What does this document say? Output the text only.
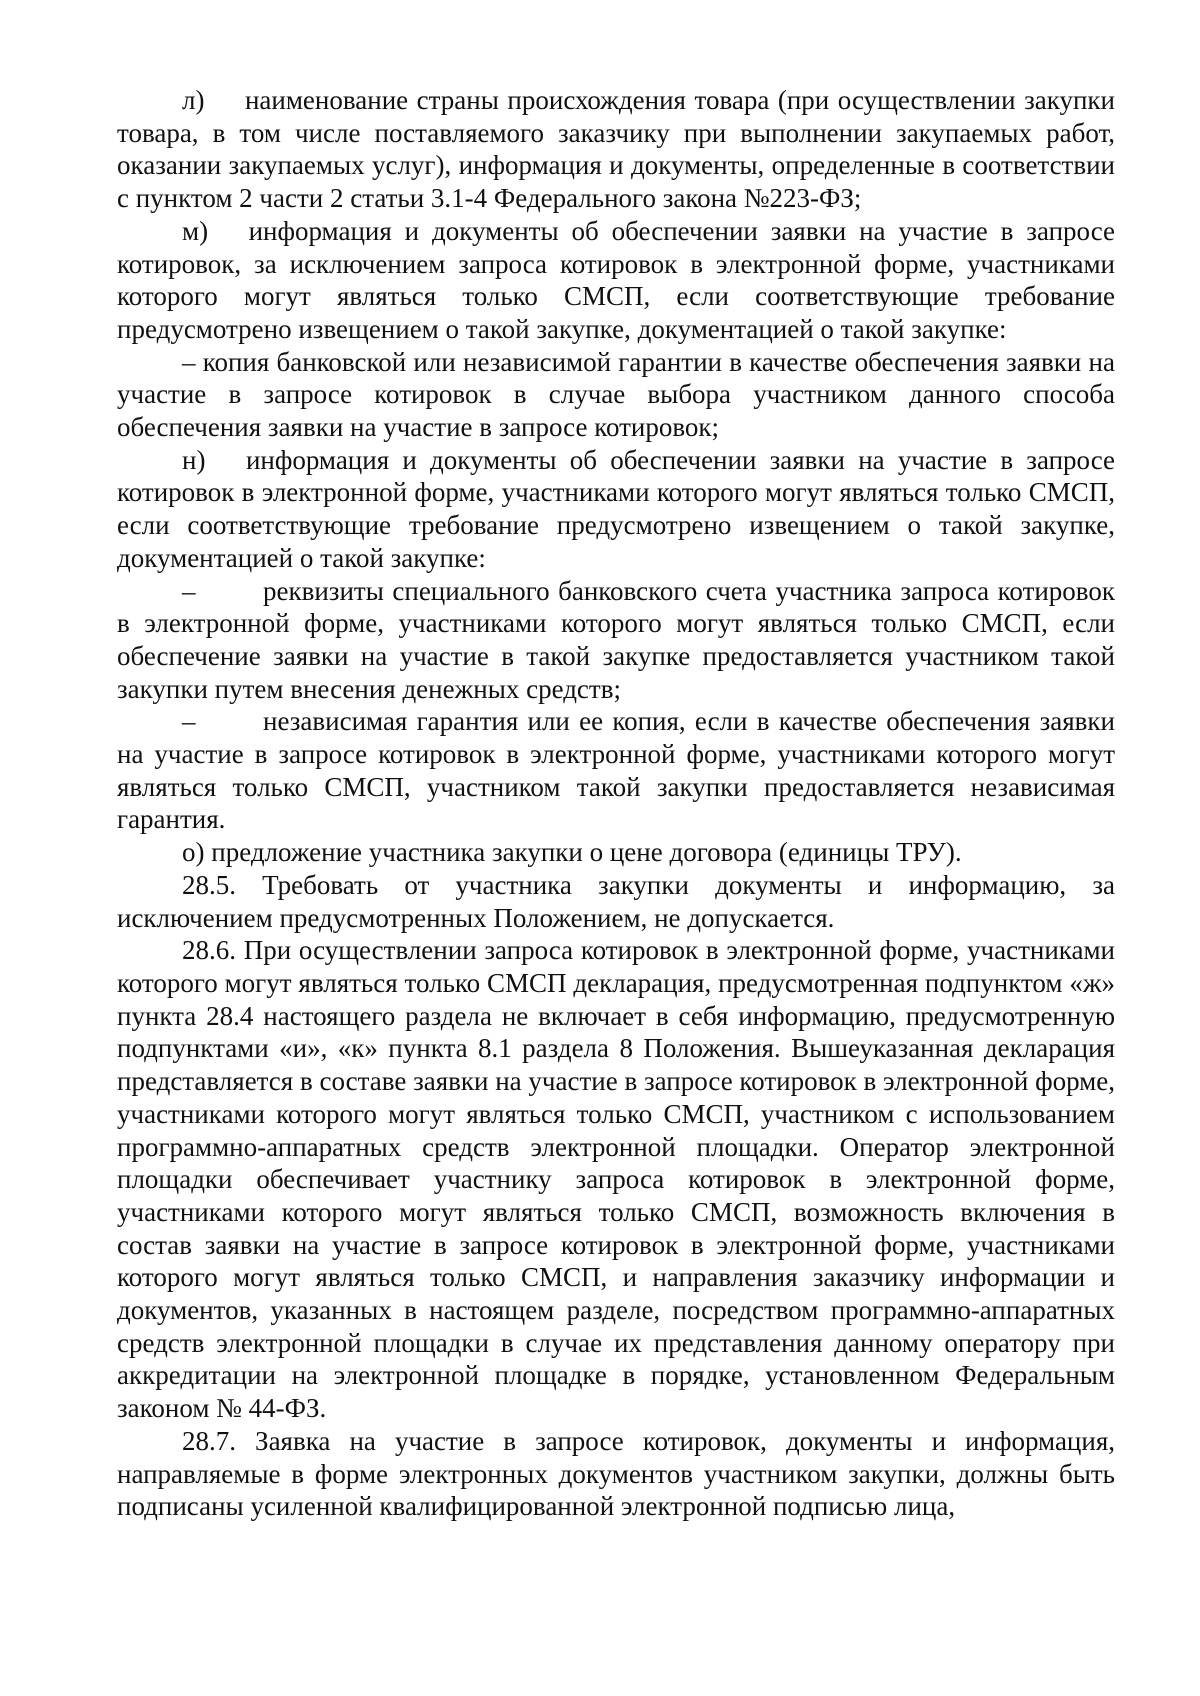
л)  наименование страны происхождения товара (при осуществлении закупки товара, в том числе поставляемого заказчику при выполнении закупаемых работ, оказании закупаемых услуг), информация и документы, определенные в соответствии с пунктом 2 части 2 статьи 3.1-4 Федерального закона №223-ФЗ;

м)  информация и документы об обеспечении заявки на участие в запросе котировок, за исключением запроса котировок в электронной форме, участниками которого могут являться только СМСП, если соответствующие требование предусмотрено извещением о такой закупке, документацией о такой закупке:

– копия банковской или независимой гарантии в качестве обеспечения заявки на участие в запросе котировок в случае выбора участником данного способа обеспечения заявки на участие в запросе котировок;

н)  информация и документы об обеспечении заявки на участие в запросе котировок в электронной форме, участниками которого могут являться только СМСП, если соответствующие требование предусмотрено извещением о такой закупке, документацией о такой закупке:

–   реквизиты специального банковского счета участника запроса котировок в электронной форме, участниками которого могут являться только СМСП, если обеспечение заявки на участие в такой закупке предоставляется участником такой закупки путем внесения денежных средств;

–   независимая гарантия или ее копия, если в качестве обеспечения заявки на участие в запросе котировок в электронной форме, участниками которого могут являться только СМСП, участником такой закупки предоставляется независимая гарантия.

о) предложение участника закупки о цене договора (единицы ТРУ).

28.5. Требовать от участника закупки документы и информацию, за исключением предусмотренных Положением, не допускается.

28.6. При осуществлении запроса котировок в электронной форме, участниками которого могут являться только СМСП декларация, предусмотренная подпунктом «ж» пункта 28.4 настоящего раздела не включает в себя информацию, предусмотренную подпунктами «и», «к» пункта 8.1 раздела 8 Положения. Вышеуказанная декларация представляется в составе заявки на участие в запросе котировок в электронной форме, участниками которого могут являться только СМСП, участником с использованием программно-аппаратных средств электронной площадки. Оператор электронной площадки обеспечивает участнику запроса котировок в электронной форме, участниками которого могут являться только СМСП, возможность включения в состав заявки на участие в запросе котировок в электронной форме, участниками которого могут являться только СМСП, и направления заказчику информации и документов, указанных в настоящем разделе, посредством программно-аппаратных средств электронной площадки в случае их представления данному оператору при аккредитации на электронной площадке в порядке, установленном Федеральным законом № 44-ФЗ.

28.7. Заявка на участие в запросе котировок, документы и информация, направляемые в форме электронных документов участником закупки, должны быть подписаны усиленной квалифицированной электронной подписью лица,
